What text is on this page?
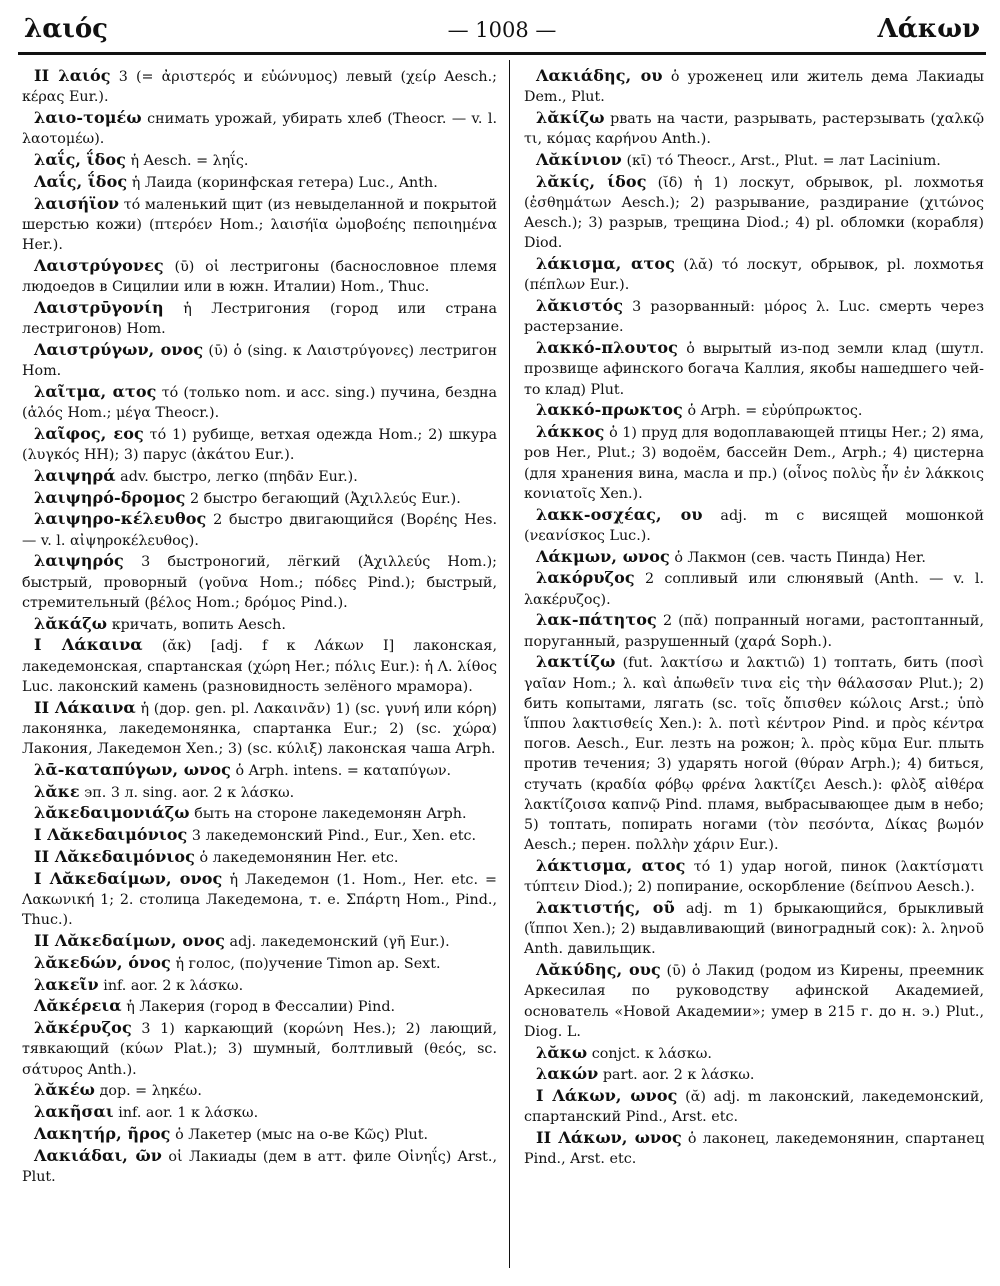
λαιός	— 1008 —	Λάκων
II λαιός 3 (= ἀριστερός и εὐώνυμος) левый (χείρ Aesch.; κέρας Eur.).
λαιο-τομέω снимать урожай, убирать хлеб (Theocr. — v. l. λαοτομέω).
λαΐς, ΐδος ἡ Aesch. = ληΐς.
Λαΐς, ΐδος ἡ Лаида (коринфская гетера) Luc., Anth.
λαισήϊον τό маленький щит (из невыделанной и покрытой шерстью кожи) (πτερόεν Hom.; λαισήϊα ὠμοβοέης πεποιημένα Her.).
Λαιστρύγονες (ῡ) οἱ лестригоны (баснословное племя людоедов в Сицилии или в южн. Италии) Hom., Thuc.
Λαιστρῡγονίη ἡ Лестригония (город или страна лестригонов) Hom.
Λαιστρύγων, ονος (ῡ) ὁ (sing. к Λαιστρύγονες) лестригон Hom.
λαῖτμα, ατος τό (только nom. и acc. sing.) пучина, бездна (ἁλός Hom.; μέγα Theocr.).
λαῖφος, εος τό 1) рубище, ветхая одежда Hom.; 2) шкура (λυγκός HH); 3) парус (ἀκάτου Eur.).
λαιψηρά adv. быстро, легко (πηδᾶν Eur.).
λαιψηρό-δρομος 2 быстро бегающий (Ἀχιλλεύς Eur.).
λαιψηρο-κέλευθος 2 быстро двигающийся (Βορέης Hes. — v. l. αἰψηροκέλευθος).
λαιψηρός 3 быстроногий, лёгкий (Ἀχιλλεύς Hom.); быстрый, проворный (γοῦνα Hom.; πόδες Pind.); быстрый, стремительный (βέλος Hom.; δρόμος Pind.).
λᾰκάζω кричать, вопить Aesch.
I Λάκαινα (ᾰκ) [adj. f к Λάκων I] лаконская, лакедемонская, спартанская (χώρη Her.; πόλις Eur.): ἡ Λ. λίθος Luc. лаконский камень (разновидность зелёного мрамора).
II Λάκαινα ἡ (дор. gen. pl. Λακαινᾶν) 1) (sc. γυνή или κόρη) лаконянка, лакедемонянка, спартанка Eur.; 2) (sc. χώρα) Лакония, Лакедемон Xen.; 3) (sc. κύλιξ) лаконская чаша Arph.
λᾱ-καταπύγων, ωνος ὁ Arph. intens. = καταπύγων.
λᾰκε эп. 3 л. sing. aor. 2 к λάσκω.
λᾰκεδαιμονιάζω быть на стороне лакедемонян Arph.
I Λᾰκεδαιμόνιος 3 лакедемонский Pind., Eur., Xen. etc.
II Λᾰκεδαιμόνιος ὁ лакедемонянин Her. etc.
I Λᾰκεδαίμων, ονος ἡ Лакедемон (1. Hom., Her. etc. = Λακωνική 1; 2. столица Лакедемона, т. е. Σπάρτη Hom., Pind., Thuc.).
II Λᾰκεδαίμων, ονος adj. лакедемонский (γῆ Eur.).
λᾰκεδών, όνος ἡ голос, (по)учение Timon ap. Sext.
λακεῖν inf. aor. 2 к λάσκω.
Λᾰκέρεια ἡ Лакерия (город в Фессалии) Pind.
λᾰκέρυζος 3 1) каркающий (κορώνη Hes.); 2) лающий, тявкающий (κύων Plat.); 3) шумный, болтливый (θεός, sc. σάτυρος Anth.).
λᾰκέω дор. = ληκέω.
λακῆσαι inf. aor. 1 к λάσκω.
Λακητήρ, ῆρος ὁ Лакетер (мыс на о-ве Κῶς) Plut.
Λακιάδαι, ῶν οἱ Лакиады (дем в атт. филе Οἰνηΐς) Arst., Plut.
Λακιάδης, ου ὁ уроженец или житель дема Лакиады Dem., Plut.
λᾰκίζω рвать на части, разрывать, растерзывать (χαλκῷ τι, κόμας καρήνου Anth.).
Λᾰκίνιον (κῑ) τό Theocr., Arst., Plut. = лат Lacinium.
λᾰκίς, ίδος (ῐδ) ἡ 1) лоскут, обрывок, pl. лохмотья (ἐσθημάτων Aesch.); 2) разрывание, раздирание (χιτώνος Aesch.); 3) разрыв, трещина Diod.; 4) pl. обломки (корабля) Diod.
λάκισμα, ατος (λᾰ) τό лоскут, обрывок, pl. лохмотья (πέπλων Eur.).
λᾰκιστός 3 разорванный: μόρος λ. Luc. смерть через растерзание.
λακκό-πλουτος ὁ вырытый из-под земли клад (шутл. прозвище афинского богача Каллия, якобы нашедшего чей-то клад) Plut.
λακκό-πρωκτος ὁ Arph. = εὐρύπρωκτος.
λάκκος ὁ 1) пруд для водоплавающей птицы Her.; 2) яма, ров Her., Plut.; 3) водоём, бассейн Dem., Arph.; 4) цистерна (для хранения вина, масла и пр.) (οἶνος πολὺς ἦν ἐν λάκκοις κονιατοῖς Xen.).
λακκ-οσχέας, ου adj. m с висящей мошонкой (νεανίσκος Luc.).
Λάκμων, ωνος ὁ Лакмон (сев. часть Пинда) Her.
λακόρυζος 2 сопливый или слюнявый (Anth. — v. l. λακέρυζος).
λακ-πάτητος 2 (πᾰ) попранный ногами, растоптанный, поруганный, разрушенный (χαρά Soph.).
λακτίζω (fut. λακτίσω и λακτιῶ) 1) топтать, бить (ποσὶ γαῖαν Hom.; λ. καὶ ἀπωθεῖν τινα εἰς τὴν θάλασσαν Plut.); 2) бить копытами, лягать (sc. τοῖς ὄπισθεν κώλοις Arst.; ὑπὸ ἵππου λακτισθείς Xen.): λ. ποτὶ κέντρον Pind. и πρὸς κέντρα погов. Aesch., Eur. лезть на рожон; λ. πρὸς κῦμα Eur. плыть против течения; 3) ударять ногой (θύραν Arph.); 4) биться, стучать (κραδία φόβῳ φρένα λακτίζει Aesch.): φλὸξ αἰθέρα λακτίζοισα καπνῷ Pind. пламя, выбрасывающее дым в небо; 5) топтать, попирать ногами (τὸν πεσόντα, Δίκας βωμόν Aesch.; перен. πολλὴν χάριν Eur.).
λάκτισμα, ατος τό 1) удар ногой, пинок (λακτίσματι τύπτειν Diod.); 2) попирание, оскорбление (δείπνου Aesch.).
λακτιστής, οῦ adj. m 1) брыкающийся, брыкливый (ἵπποι Xen.); 2) выдавливающий (виноградный сок): λ. ληνοῦ Anth. давильщик.
Λᾰκύδης, ους (ῡ) ὁ Лакид (родом из Кирены, преемник Аркесилая по руководству афинской Академией, основатель «Новой Академии»; умер в 215 г. до н. э.) Plut., Diog. L.
λᾰκω conjct. к λάσκω.
λακών part. aor. 2 к λάσκω.
I Λάκων, ωνος (ᾰ) adj. m лаконский, лакедемонский, спартанский Pind., Arst. etc.
II Λάκων, ωνος ὁ лаконец, лакедемонянин, спартанец Pind., Arst. etc.
